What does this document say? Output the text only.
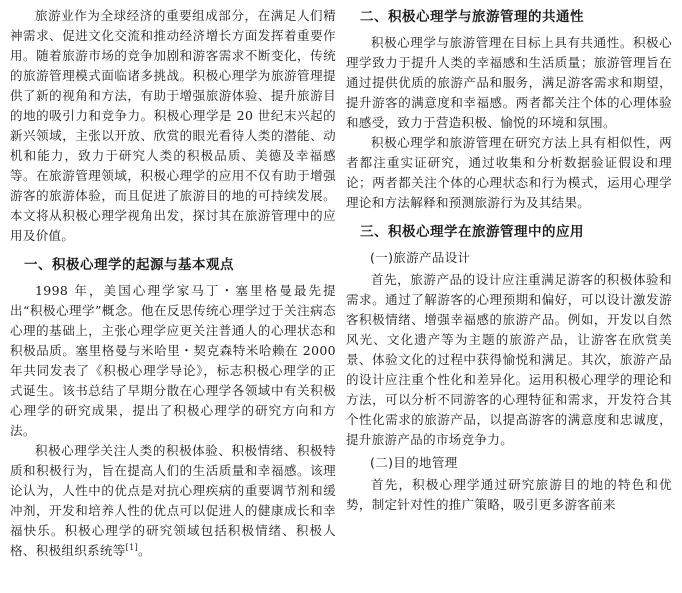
旅游业作为全球经济的重要组成部分，在满足人们精神需求、促进文化交流和推动经济增长方面发挥着重要作用。随着旅游市场的竞争加剧和游客需求不断变化，传统的旅游管理模式面临诸多挑战。积极心理学为旅游管理提供了新的视角和方法，有助于增强旅游体验、提升旅游目的地的吸引力和竞争力。积极心理学是 20 世纪末兴起的新兴领域，主张以开放、欣赏的眼光看待人类的潜能、动机和能力，致力于研究人类的积极品质、美德及幸福感等。在旅游管理领域，积极心理学的应用不仅有助于增强游客的旅游体验，而且促进了旅游目的地的可持续发展。本文将从积极心理学视角出发，探讨其在旅游管理中的应用及价值。

一、积极心理学的起源与基本观点

1998 年，美国心理学家马丁・塞里格曼最先提出“积极心理学”概念。他在反思传统心理学过于关注病态心理的基础上，主张心理学应更关注普通人的心理状态和积极品质。塞里格曼与米哈里・契克森特米哈赖在 2000 年共同发表了《积极心理学导论》，标志积极心理学的正式诞生。该书总结了早期分散在心理学各领域中有关积极心理学的研究成果，提出了积极心理学的研究方向和方法。

积极心理学关注人类的积极体验、积极情绪、积极特质和积极行为，旨在提高人们的生活质量和幸福感。该理论认为，人性中的优点是对抗心理疾病的重要调节剂和缓冲剂，开发和培养人性的优点可以促进人的健康成长和幸福快乐。积极心理学的研究领域包括积极情绪、积极人格、积极组织系统等[1]。

二、积极心理学与旅游管理的共通性

积极心理学与旅游管理在目标上具有共通性。积极心理学致力于提升人类的幸福感和生活质量；旅游管理旨在通过提供优质的旅游产品和服务，满足游客需求和期望，提升游客的满意度和幸福感。两者都关注个体的心理体验和感受，致力于营造积极、愉悦的环境和氛围。

积极心理学和旅游管理在研究方法上具有相似性，两者都注重实证研究，通过收集和分析数据验证假设和理论；两者都关注个体的心理状态和行为模式，运用心理学理论和方法解释和预测旅游行为及其结果。

三、积极心理学在旅游管理中的应用
(一)旅游产品设计

首先，旅游产品的设计应注重满足游客的积极体验和需求。通过了解游客的心理预期和偏好，可以设计激发游客积极情绪、增强幸福感的旅游产品。例如，开发以自然风光、文化遗产等为主题的旅游产品，让游客在欣赏美景、体验文化的过程中获得愉悦和满足。其次，旅游产品的设计应注重个性化和差异化。运用积极心理学的理论和方法，可以分析不同游客的心理特征和需求，开发符合其个性化需求的旅游产品，以提高游客的满意度和忠诚度，提升旅游产品的市场竞争力。

(二)目的地管理

首先，积极心理学通过研究旅游目的地的特色和优势，制定针对性的推广策略，吸引更多游客前来
